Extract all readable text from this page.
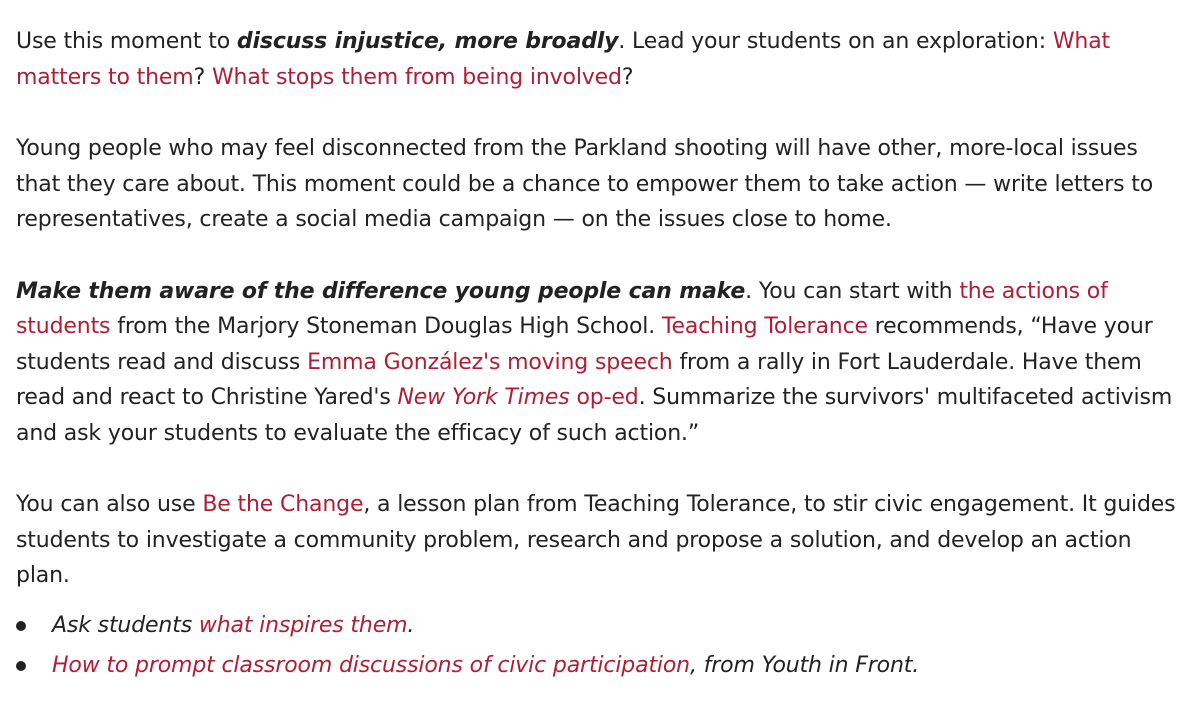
Use this moment to discuss injustice, more broadly. Lead your students on an exploration: What matters to them? What stops them from being involved?

Young people who may feel disconnected from the Parkland shooting will have other, more-local issues that they care about. This moment could be a chance to empower them to take action — write letters to representatives, create a social media campaign — on the issues close to home.

Make them aware of the difference young people can make. You can start with the actions of students from the Marjory Stoneman Douglas High School. Teaching Tolerance recommends, “Have your students read and discuss Emma González's moving speech from a rally in Fort Lauderdale. Have them read and react to Christine Yared's New York Times op-ed. Summarize the survivors' multifaceted activism and ask your students to evaluate the efficacy of such action.”

You can also use Be the Change, a lesson plan from Teaching Tolerance, to stir civic engagement. It guides students to investigate a community problem, research and propose a solution, and develop an action plan.

Ask students what inspires them.
How to prompt classroom discussions of civic participation, from Youth in Front.
